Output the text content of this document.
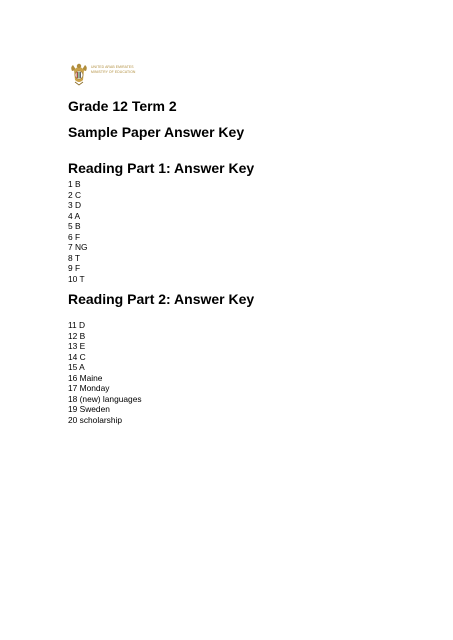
UNITED ARAB EMIRATES
MINISTRY OF EDUCATION
Grade 12 Term 2
Sample Paper Answer Key
Reading Part 1: Answer Key
1 B
2 C
3 D
4 A
5 B
6 F
7 NG
8 T
9 F
10 T
Reading Part 2: Answer Key
11 D
12 B
13 E
14 C
15 A
16 Maine
17 Monday
18 (new) languages
19 Sweden
20 scholarship
